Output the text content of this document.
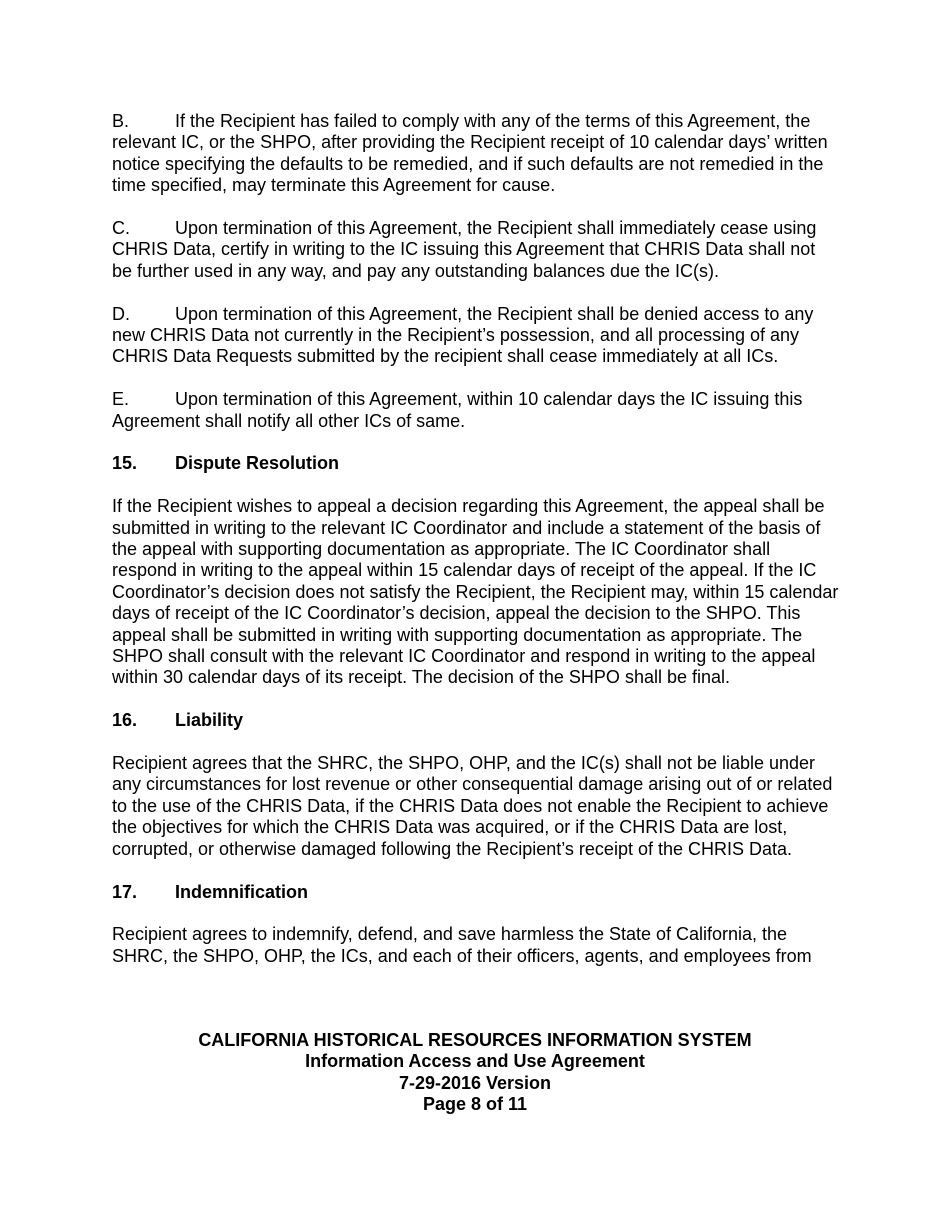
B.	If the Recipient has failed to comply with any of the terms of this Agreement, the relevant IC, or the SHPO, after providing the Recipient receipt of 10 calendar days’ written notice specifying the defaults to be remedied, and if such defaults are not remedied in the time specified, may terminate this Agreement for cause.

C.	Upon termination of this Agreement, the Recipient shall immediately cease using CHRIS Data, certify in writing to the IC issuing this Agreement that CHRIS Data shall not be further used in any way, and pay any outstanding balances due the IC(s).

D.	Upon termination of this Agreement, the Recipient shall be denied access to any new CHRIS Data not currently in the Recipient’s possession, and all processing of any CHRIS Data Requests submitted by the recipient shall cease immediately at all ICs.

E.	Upon termination of this Agreement, within 10 calendar days the IC issuing this Agreement shall notify all other ICs of same.

15. Dispute Resolution

If the Recipient wishes to appeal a decision regarding this Agreement, the appeal shall be submitted in writing to the relevant IC Coordinator and include a statement of the basis of the appeal with supporting documentation as appropriate. The IC Coordinator shall respond in writing to the appeal within 15 calendar days of receipt of the appeal. If the IC Coordinator’s decision does not satisfy the Recipient, the Recipient may, within 15 calendar days of receipt of the IC Coordinator’s decision, appeal the decision to the SHPO. This appeal shall be submitted in writing with supporting documentation as appropriate. The SHPO shall consult with the relevant IC Coordinator and respond in writing to the appeal within 30 calendar days of its receipt. The decision of the SHPO shall be final.

16. Liability

Recipient agrees that the SHRC, the SHPO, OHP, and the IC(s) shall not be liable under any circumstances for lost revenue or other consequential damage arising out of or related to the use of the CHRIS Data, if the CHRIS Data does not enable the Recipient to achieve the objectives for which the CHRIS Data was acquired, or if the CHRIS Data are lost, corrupted, or otherwise damaged following the Recipient’s receipt of the CHRIS Data.

17. Indemnification

Recipient agrees to indemnify, defend, and save harmless the State of California, the SHRC, the SHPO, OHP, the ICs, and each of their officers, agents, and employees from

CALIFORNIA HISTORICAL RESOURCES INFORMATION SYSTEM
Information Access and Use Agreement
7-29-2016 Version
Page 8 of 11
